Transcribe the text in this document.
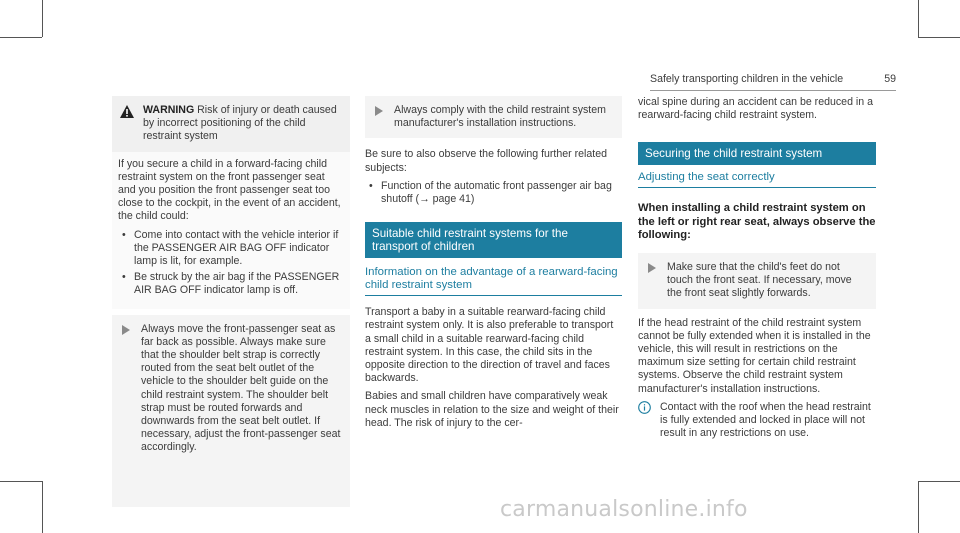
Safely transporting children in the vehicle	59
WARNING Risk of injury or death caused by incorrect positioning of the child restraint system

If you secure a child in a forward-facing child restraint system on the front passenger seat and you position the front passenger seat too close to the cockpit, in the event of an accident, the child could:

• Come into contact with the vehicle interior if the PASSENGER AIR BAG OFF indicator lamp is lit, for example.
• Be struck by the air bag if the PASSENGER AIR BAG OFF indicator lamp is off.
Always move the front-passenger seat as far back as possible. Always make sure that the shoulder belt strap is correctly routed from the seat belt outlet of the vehicle to the shoulder belt guide on the child restraint system. The shoulder belt strap must be routed forwards and downwards from the seat belt outlet. If necessary, adjust the front-passenger seat accordingly.
Always comply with the child restraint system manufacturer's installation instructions.

Be sure to also observe the following further related subjects:

• Function of the automatic front passenger air bag shutoff (→ page 41)
Suitable child restraint systems for the transport of children
Information on the advantage of a rearward-facing child restraint system

Transport a baby in a suitable rearward-facing child restraint system only. It is also preferable to transport a small child in a suitable rearward-facing child restraint system. In this case, the child sits in the opposite direction to the direction of travel and faces backwards.

Babies and small children have comparatively weak neck muscles in relation to the size and weight of their head. The risk of injury to the cer-

vical spine during an accident can be reduced in a rearward-facing child restraint system.

Securing the child restraint system
Adjusting the seat correctly
When installing a child restraint system on the left or right rear seat, always observe the following:
Make sure that the child's feet do not touch the front seat. If necessary, move the front seat slightly forwards.

If the head restraint of the child restraint system cannot be fully extended when it is installed in the vehicle, this will result in restrictions on the maximum size setting for certain child restraint systems. Observe the child restraint system manufacturer's installation instructions.

Contact with the roof when the head restraint is fully extended and locked in place will not result in any restrictions on use.
carmanualsonline.info
